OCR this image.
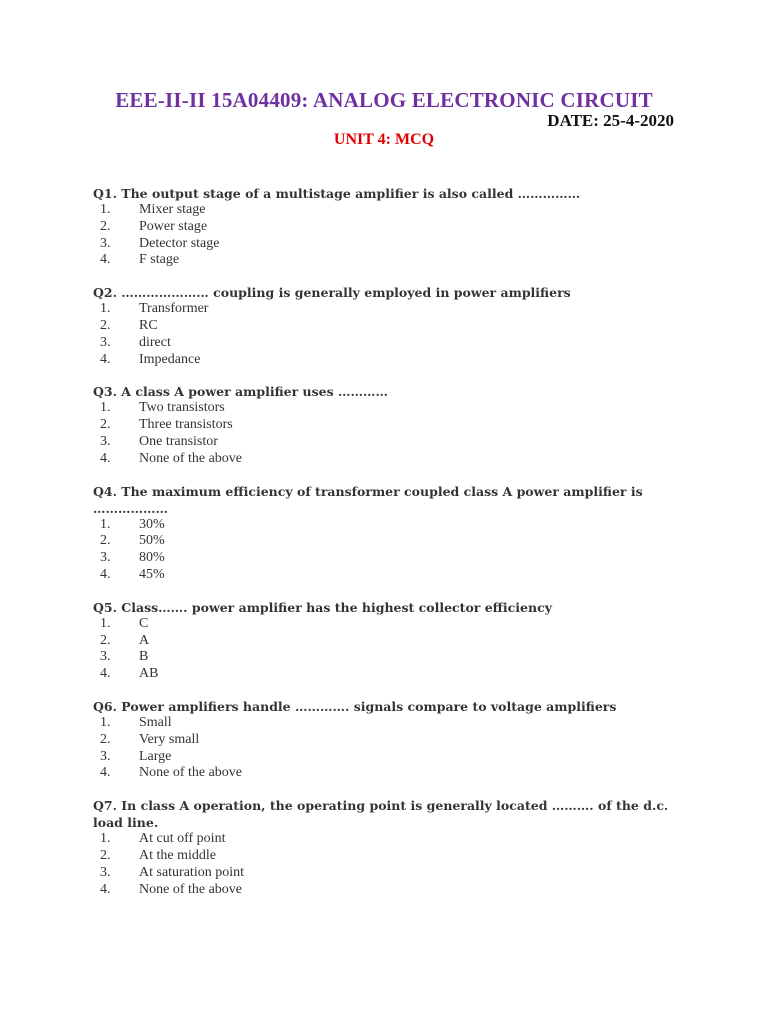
EEE-II-II 15A04409: ANALOG ELECTRONIC CIRCUIT
DATE: 25-4-2020
UNIT 4: MCQ
Q1. The output stage of a multistage amplifier is also called ……………
1.	Mixer stage
2.	Power stage
3.	Detector stage
4.	F stage
Q2. ………………… coupling is generally employed in power amplifiers
1.	Transformer
2.	RC
3.	direct
4.	Impedance
Q3. A class A power amplifier uses …………
1.	Two transistors
2.	Three transistors
3.	One transistor
4.	None of the above
Q4. The maximum efficiency of transformer coupled class A power amplifier is ………………
1.	30%
2.	50%
3.	80%
4.	45%
Q5. Class……. power amplifier has the highest collector efficiency
1.	C
2.	A
3.	B
4.	AB
Q6. Power amplifiers handle …………. signals compare to voltage amplifiers
1.	Small
2.	Very small
3.	Large
4.	None of the above
Q7. In class A operation, the operating point is generally located ………. of the d.c. load line.
1.	At cut off point
2.	At the middle
3.	At saturation point
4.	None of the above
